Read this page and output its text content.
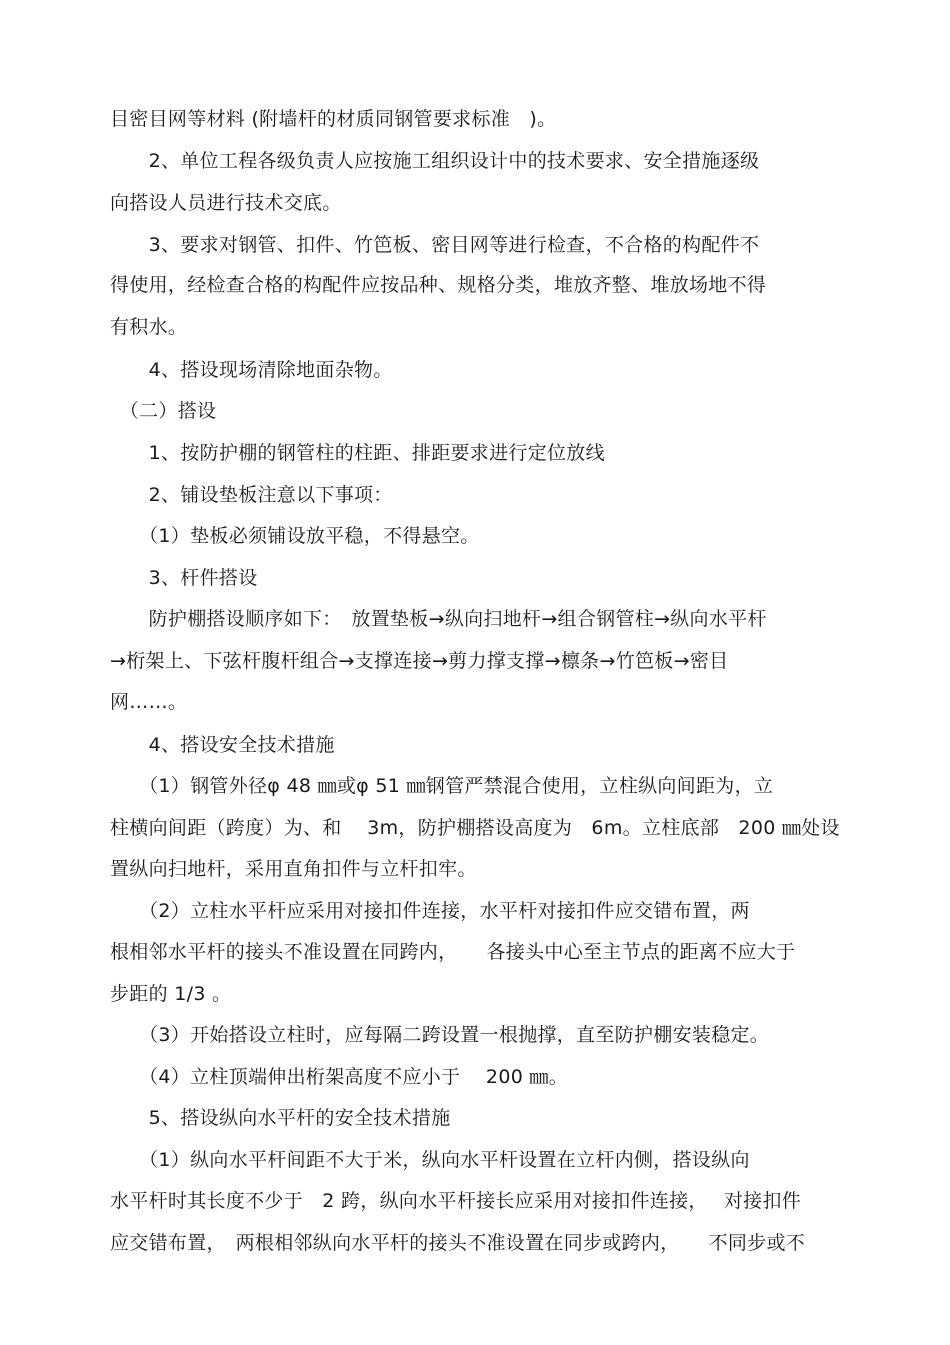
目密目网等材料 (附墙杆的材质同钢管要求标准　)。
　　2、单位工程各级负责人应按施工组织设计中的技术要求、安全措施逐级
向搭设人员进行技术交底。
　　3、要求对钢管、扣件、竹笆板、密目网等进行检查，不合格的构配件不
得使用，经检查合格的构配件应按品种、规格分类，堆放齐整、堆放场地不得
有积水。
　　4、搭设现场清除地面杂物。
　（二）搭设
　　1、按防护棚的钢管柱的柱距、排距要求进行定位放线
　　2、铺设垫板注意以下事项：
　　（1）垫板必须铺设放平稳，不得悬空。
　　3、杆件搭设
　　防护棚搭设顺序如下：　放置垫板→纵向扫地杆→组合钢管柱→纵向水平杆
→桁架上、下弦杆腹杆组合→支撑连接→剪力撑支撑→檩条→竹笆板→密目
网……。
　　4、搭设安全技术措施
　　（1）钢管外径φ 48 ㎜或φ 51 ㎜钢管严禁混合使用，立柱纵向间距为，立
柱横向间距（跨度）为、和　 3m，防护棚搭设高度为　6m。立柱底部　200 ㎜处设
置纵向扫地杆，采用直角扣件与立杆扣牢。
　　（2）立柱水平杆应采用对接扣件连接，水平杆对接扣件应交错布置，两
根相邻水平杆的接头不准设置在同跨内，　　各接头中心至主节点的距离不应大于
步距的 1/3 。
　　（3）开始搭设立柱时，应每隔二跨设置一根抛撑，直至防护棚安装稳定。
　　（4）立柱顶端伸出桁架高度不应小于　 200 ㎜。
　　5、搭设纵向水平杆的安全技术措施
　　（1）纵向水平杆间距不大于米，纵向水平杆设置在立杆内侧，搭设纵向
水平杆时其长度不少于　2 跨，纵向水平杆接长应采用对接扣件连接，　 对接扣件
应交错布置，　两根相邻纵向水平杆的接头不准设置在同步或跨内，　　不同步或不
